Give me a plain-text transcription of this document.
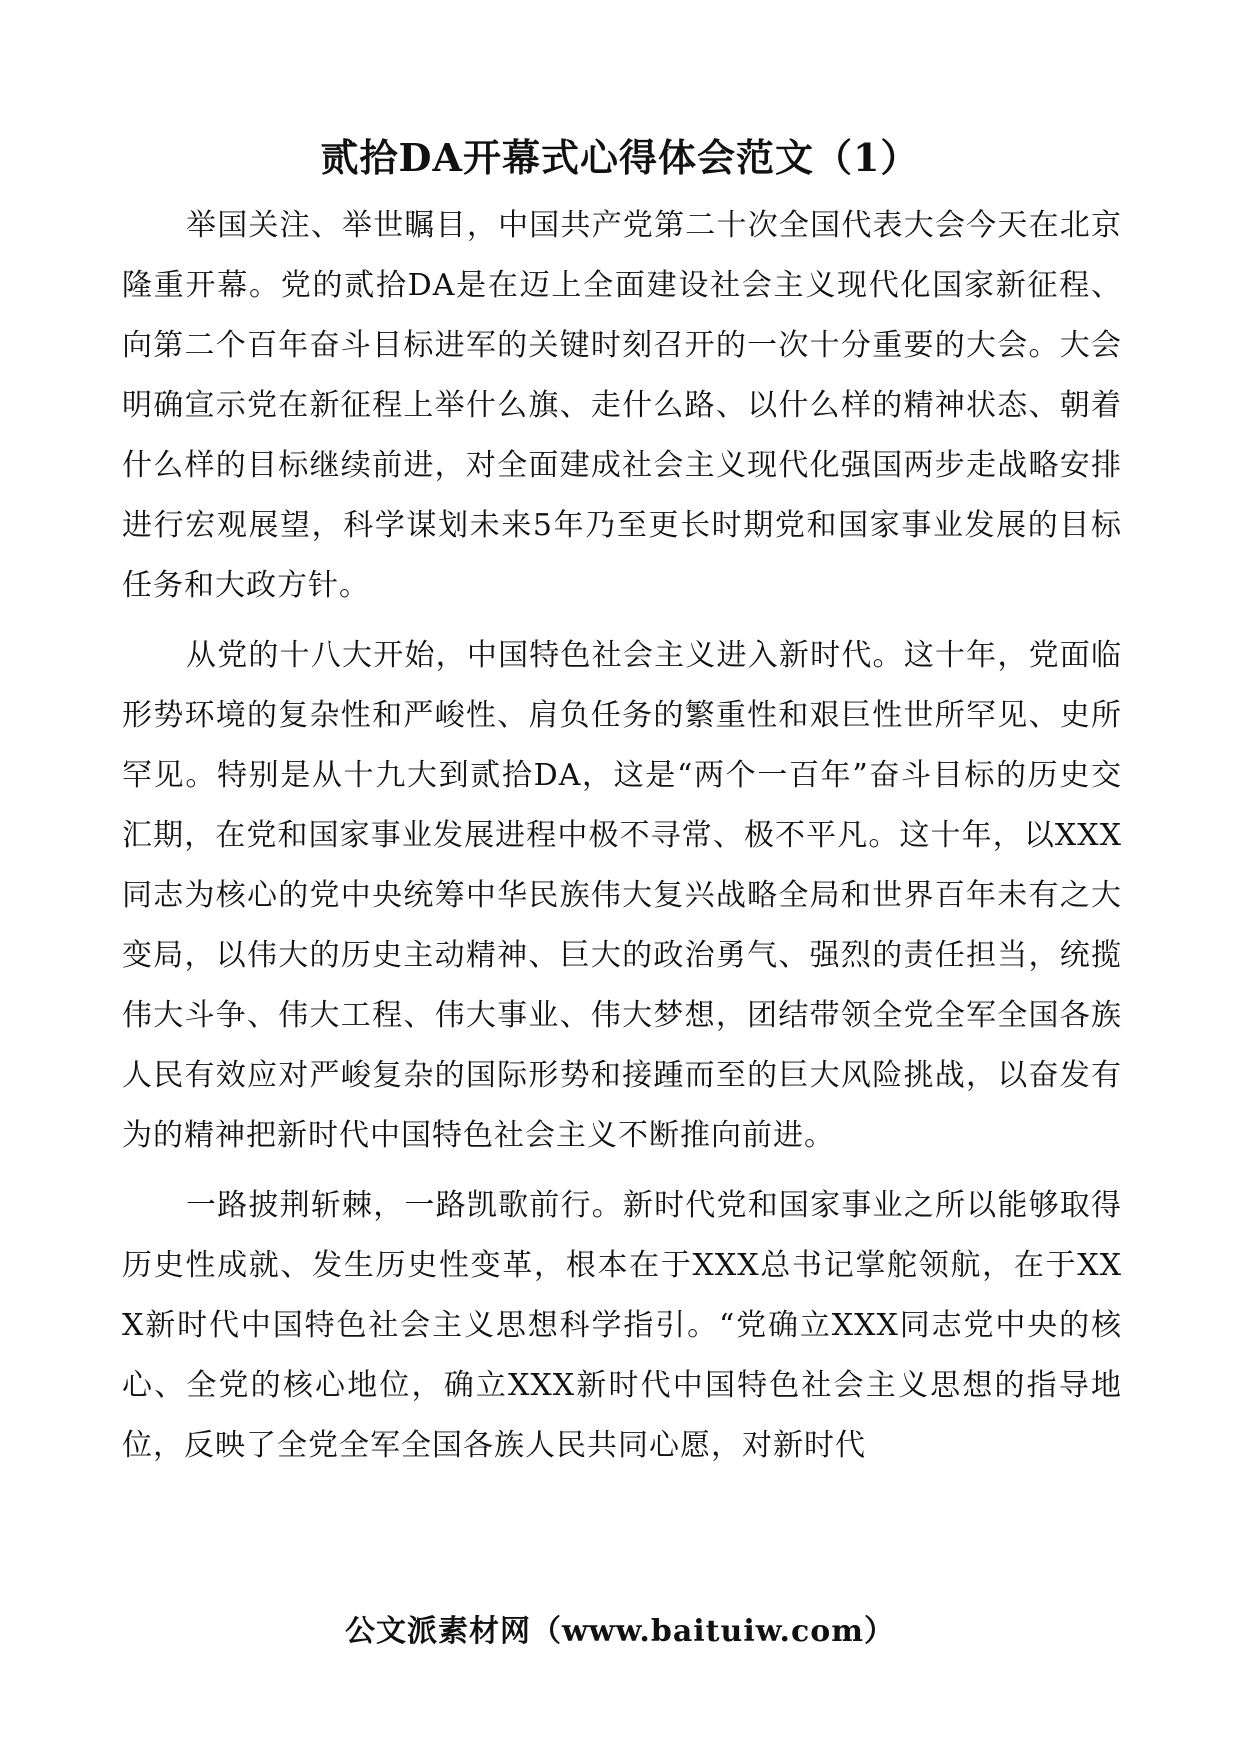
贰拾DA开幕式心得体会范文（1）

举国关注、举世瞩目，中国共产党第二十次全国代表大会今天在北京隆重开幕。党的贰拾DA是在迈上全面建设社会主义现代化国家新征程、向第二个百年奋斗目标进军的关键时刻召开的一次十分重要的大会。大会明确宣示党在新征程上举什么旗、走什么路、以什么样的精神状态、朝着什么样的目标继续前进，对全面建成社会主义现代化强国两步走战略安排进行宏观展望，科学谋划未来5年乃至更长时期党和国家事业发展的目标任务和大政方针。

从党的十八大开始，中国特色社会主义进入新时代。这十年，党面临形势环境的复杂性和严峻性、肩负任务的繁重性和艰巨性世所罕见、史所罕见。特别是从十九大到贰拾DA，这是“两个一百年”奋斗目标的历史交汇期，在党和国家事业发展进程中极不寻常、极不平凡。这十年，以XXX同志为核心的党中央统筹中华民族伟大复兴战略全局和世界百年未有之大变局，以伟大的历史主动精神、巨大的政治勇气、强烈的责任担当，统揽伟大斗争、伟大工程、伟大事业、伟大梦想，团结带领全党全军全国各族人民有效应对严峻复杂的国际形势和接踵而至的巨大风险挑战，以奋发有为的精神把新时代中国特色社会主义不断推向前进。

一路披荆斩棘，一路凯歌前行。新时代党和国家事业之所以能够取得历史性成就、发生历史性变革，根本在于XXX总书记掌舵领航，在于XXX新时代中国特色社会主义思想科学指引。“党确立XXX同志党中央的核心、全党的核心地位，确立XXX新时代中国特色社会主义思想的指导地位，反映了全党全军全国各族人民共同心愿，对新时代

公文派素材网（www.baituiw.com）
